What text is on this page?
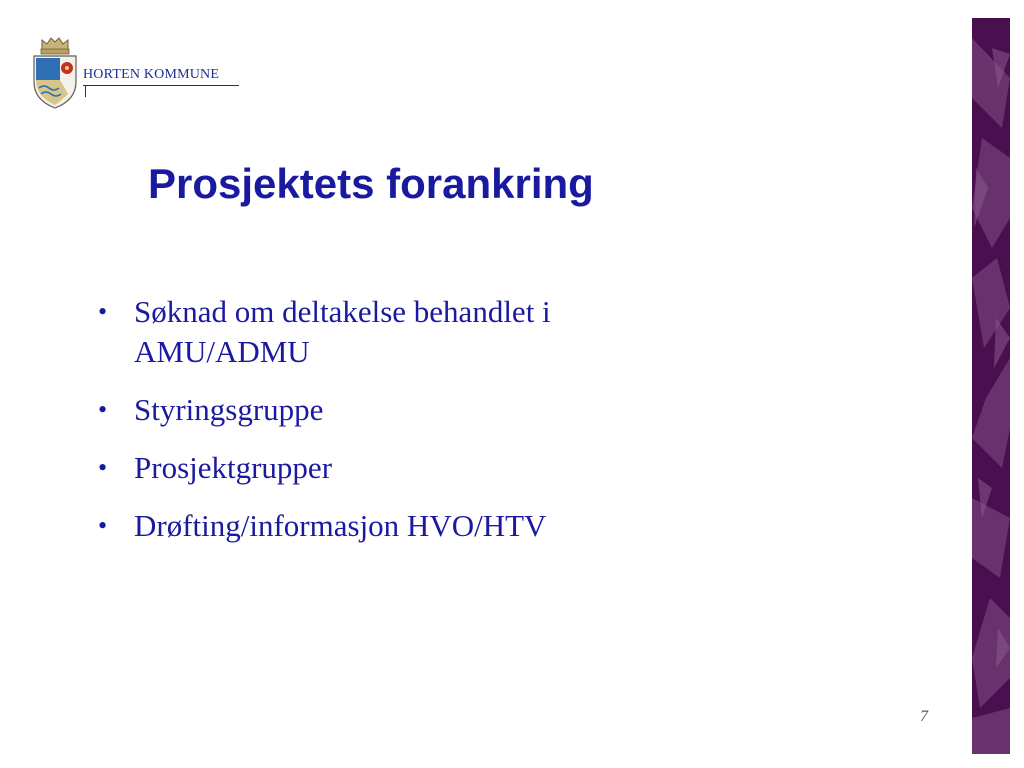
HORTEN KOMMUNE
Prosjektets forankring
• Søknad om deltakelse behandlet i AMU/ADMU
• Styringsgruppe
• Prosjektgrupper
• Drøfting/informasjon HVO/HTV
7
